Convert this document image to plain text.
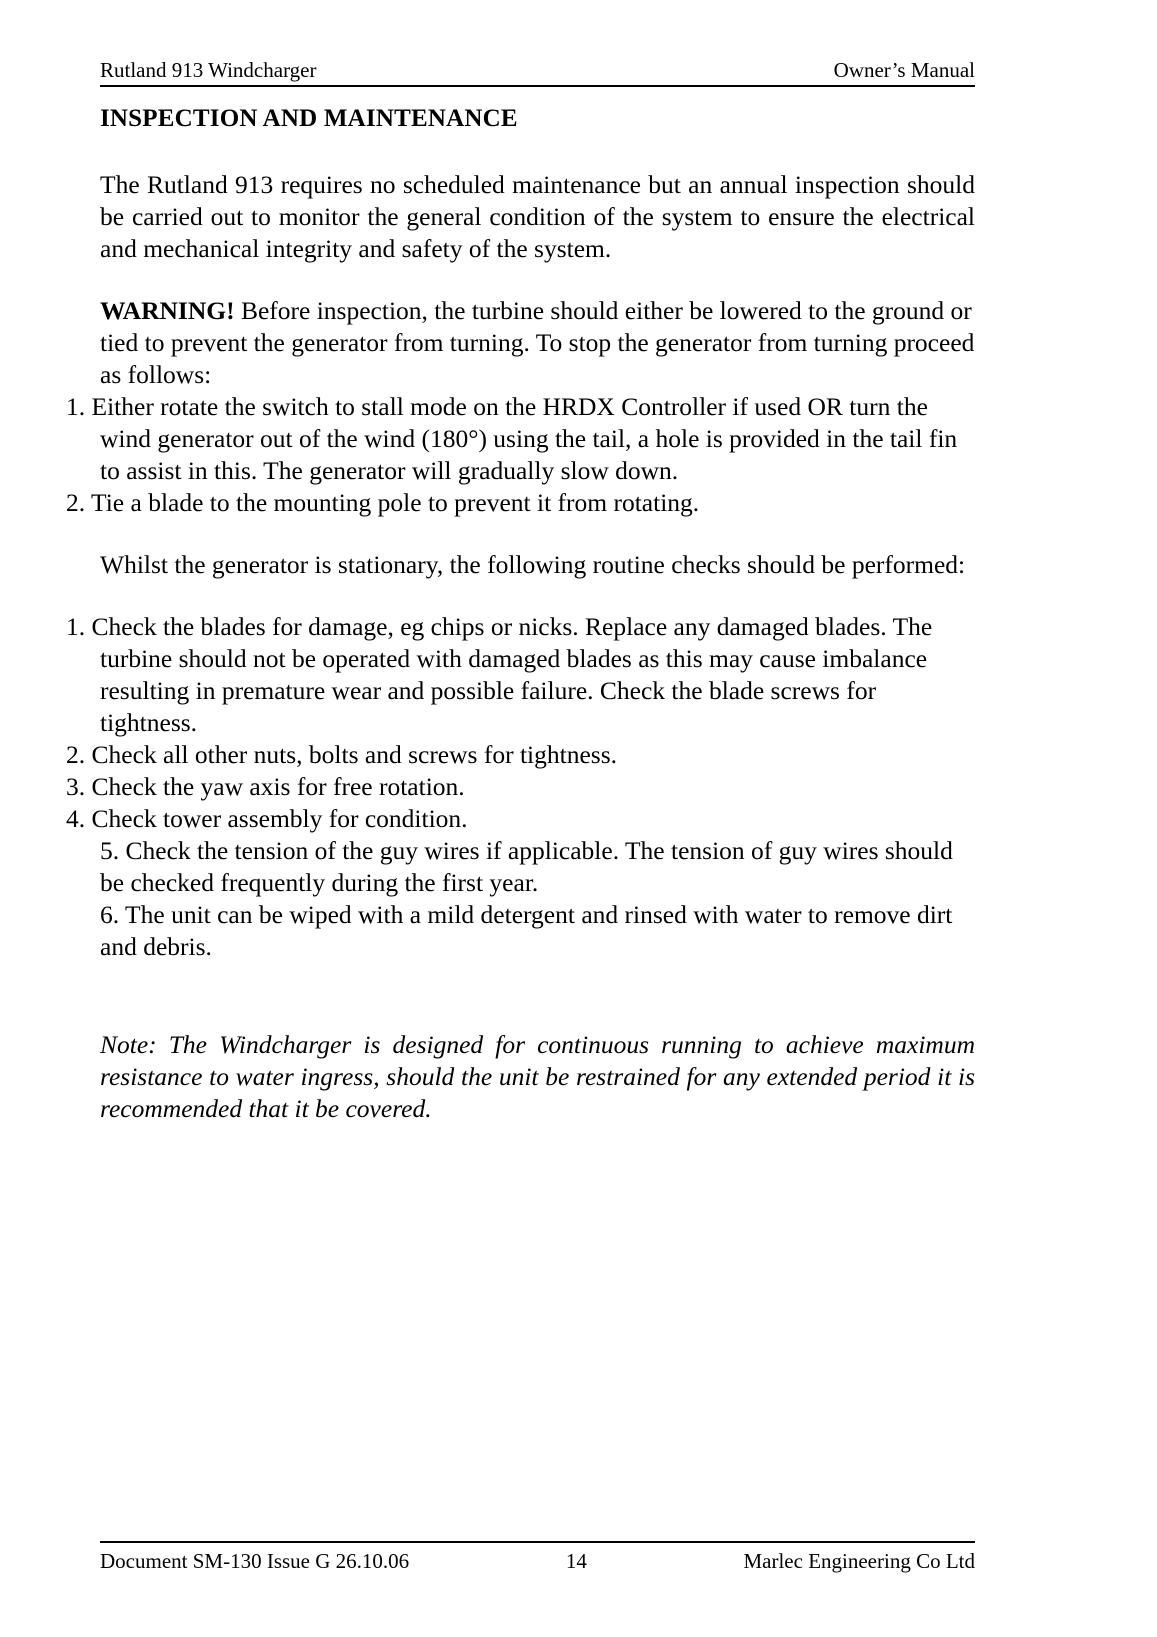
Rutland 913 Windcharger	Owner’s Manual
INSPECTION AND MAINTENANCE

The Rutland 913 requires no scheduled maintenance but an annual inspection should be carried out to monitor the general condition of the system to ensure the electrical and mechanical integrity and safety of the system.

WARNING! Before inspection, the turbine should either be lowered to the ground or tied to prevent the generator from turning. To stop the generator from turning proceed as follows:

1. Either rotate the switch to stall mode on the HRDX Controller if used OR turn the wind generator out of the wind (180°) using the tail, a hole is provided in the tail fin to assist in this. The generator will gradually slow down.
2. Tie a blade to the mounting pole to prevent it from rotating.

Whilst the generator is stationary, the following routine checks should be performed:

1. Check the blades for damage, eg chips or nicks. Replace any damaged blades. The turbine should not be operated with damaged blades as this may cause imbalance resulting in premature wear and possible failure. Check the blade screws for tightness.
2. Check all other nuts, bolts and screws for tightness.
3. Check the yaw axis for free rotation.
4. Check tower assembly for condition.
5. Check the tension of the guy wires if applicable. The tension of guy wires should be checked frequently during the first year.
6. The unit can be wiped with a mild detergent and rinsed with water to remove dirt and debris.

Note: The Windcharger is designed for continuous running to achieve maximum resistance to water ingress, should the unit be restrained for any extended period it is recommended that it be covered.

Document SM-130 Issue G 26.10.06	14	Marlec Engineering Co Ltd
